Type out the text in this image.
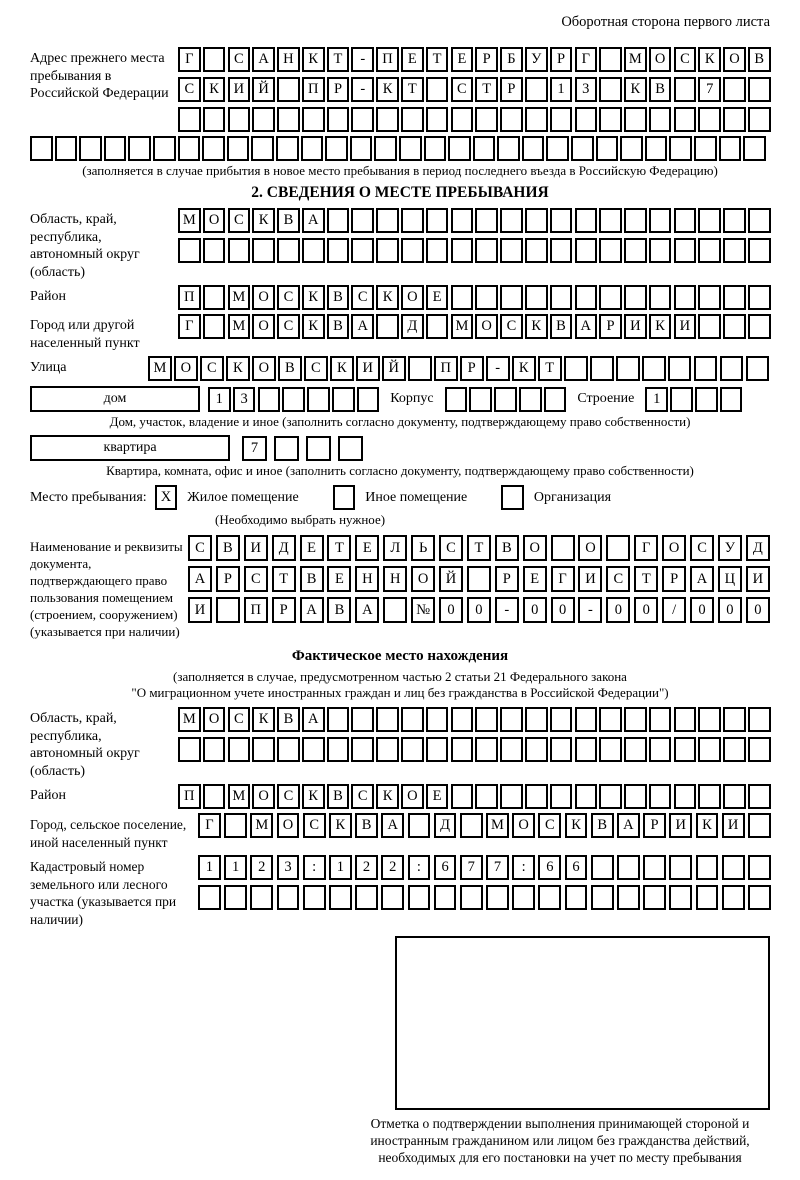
Оборотная сторона первого листа
Адрес прежнего места пребывания в Российской Федерации
Г	С	А Н	К	Т	-	П	Е	Т	Е	Р	Б	У	Р	Г	М О	С	К	О	В
С	К	И Й	П	Р	-	К	Т	С	Т	Р	1	3	К	В	7
(заполняется в случае прибытия в новое место пребывания в период последнего въезда в Российскую Федерацию)
2. СВЕДЕНИЯ О МЕСТЕ ПРЕБЫВАНИЯ
Область, край, республика, автономный округ (область)
М О	С	К	В	А
Район	П	М О	С	К	В	С	К	О	Е
Город или другой населенный пункт
Г	М О	С	К	В	А	Д	М О	С	К	В	А	Р	И	К	И
Улица	М О	С	К	О	В	С	К	И	Й	П	Р	-	К	Т
дом	1	3	Корпус	Строение	1
Дом, участок, владение и иное (заполнить согласно документу, подтверждающему право собственности)
квартира	7
Квартира, комната, офис и иное (заполнить согласно документу, подтверждающему право собственности)
Место пребывания: X	Жилое помещение	Иное помещение	Организация
(Необходимо выбрать нужное)
Наименование и реквизиты документа, подтверждающего право пользования помещением (строением, сооружением) (указывается при наличии)
С	В	И	Д	Е	Т	Е	Л	Ь	С	Т	В	О	О	Г	О	С	У	Д
А	Р	С	Т	В	Е	Н	Н	О	Й	Р	Е	Г	И	С	Т	Р	А	Ц	И
И	П	Р	А	В	А	№	0	0	-	0	0	-	0	0	/	0	0	0
Фактическое место нахождения
(заполняется в случае, предусмотренном частью 2 статьи 21 Федерального закона
"О миграционном учете иностранных граждан и лиц без гражданства в Российской Федерации")
Область, край, республика, автономный округ (область)
М О	С	К	В	А
Район	П	М О	С	К	В	С	К	О	Е
Город, сельское поселение, иной населенный пункт
Г	М	О	С	К	В	А	Д	М	О	С	К	В	А	Р	И	К	И
Кадастровый номер земельного или лесного участка (указывается при наличии)
1	1	2	3	:	1	2	2	:	6	7	7	:	6	6
Отметка о подтверждении выполнения принимающей стороной и иностранным гражданином или лицом без гражданства действий, необходимых для его постановки на учет по месту пребывания
